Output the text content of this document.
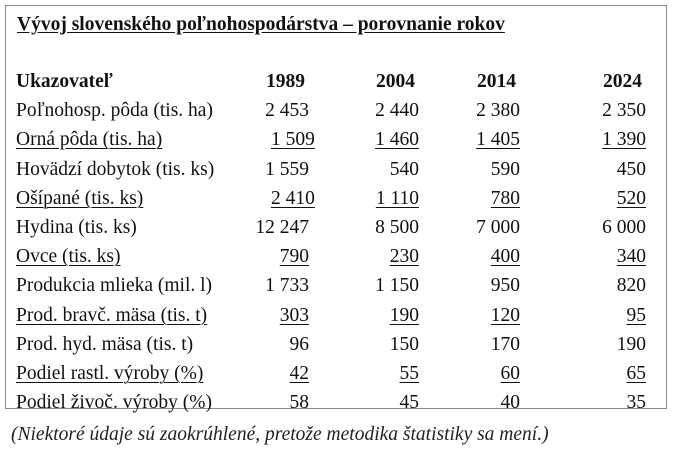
Vývoj slovenského poľnohospodárstva – porovnanie rokov
Ukazovateľ	1989	2004	2014	2024
Poľnohosp. pôda (tis. ha)	2 453	2 440	2 380	2 350
Orná pôda (tis. ha)	1 509	1 460	1 405	1 390
Hovädzí dobytok (tis. ks)	1 559	540	590	450
Ošípané (tis. ks)	2 410	1 110	780	520
Hydina (tis. ks)	12 247	8 500	7 000	6 000
Ovce (tis. ks)	790	230	400	340
Produkcia mlieka (mil. l)	1 733	1 150	950	820
Prod. bravč. mäsa (tis. t)	303	190	120	95
Prod. hyd. mäsa (tis. t)	96	150	170	190
Podiel rastl. výroby (%)	42	55	60	65
Podiel živoč. výroby (%)	58	45	40	35
(Niektoré údaje sú zaokrúhlené, pretože metodika štatistiky sa mení.)
